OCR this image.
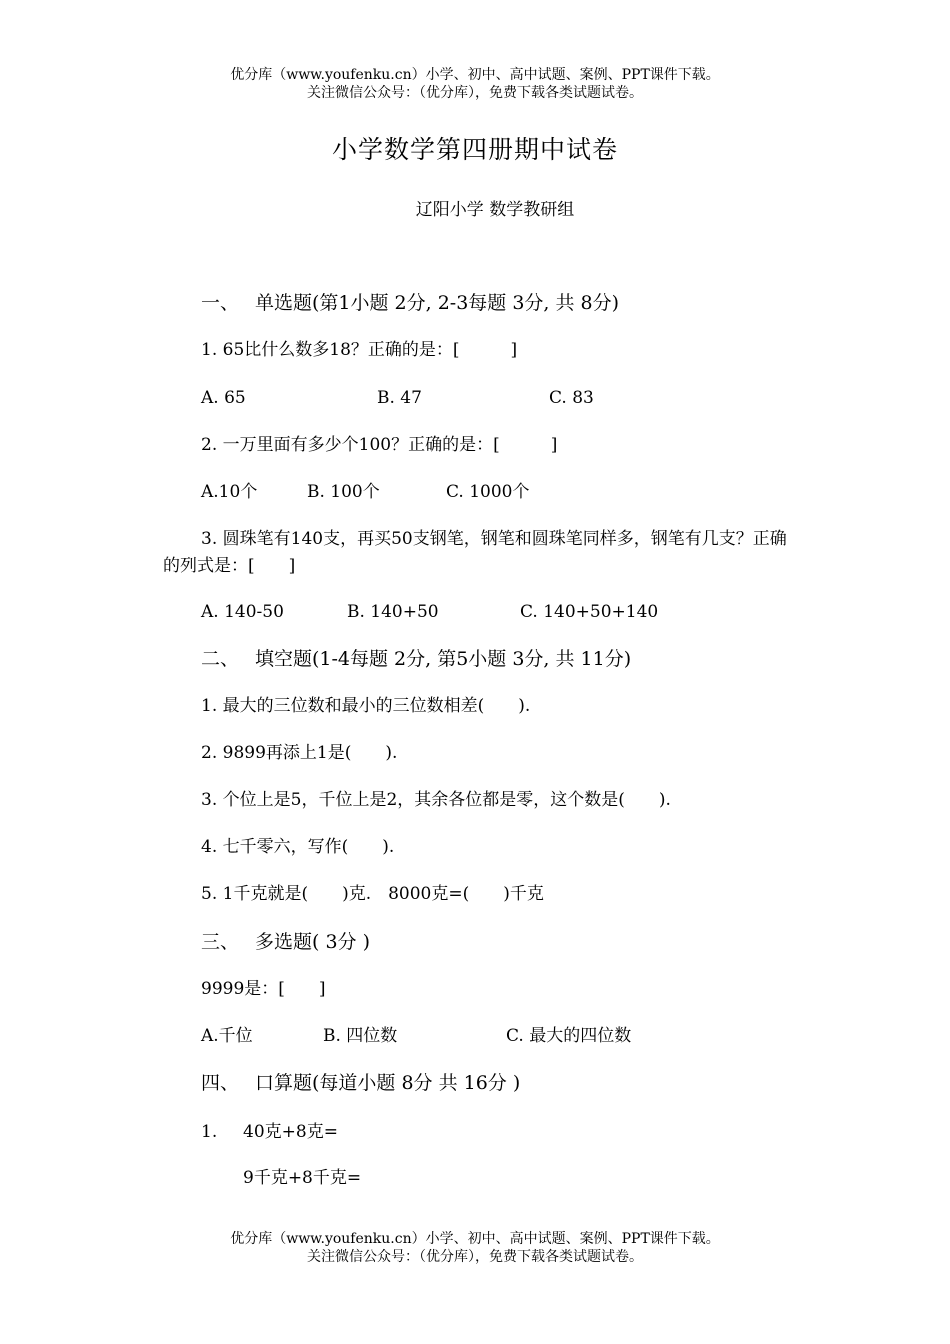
优分库（www.youfenku.cn）小学、初中、高中试题、案例、PPT课件下载。
关注微信公众号：（优分库），免费下载各类试题试卷。
小学数学第四册期中试卷
辽阳小学 数学教研组
一、 单选题(第1小题 2分, 2-3每题 3分, 共 8分)
1. 65比什么数多18？正确的是：[　　　]
A. 65	B. 47	C. 83
2. 一万里面有多少个100？正确的是：[　　　]
A.10个	B. 100个	C. 1000个
3. 圆珠笔有140支，再买50支钢笔，钢笔和圆珠笔同样多，钢笔有几支？正确的列式是：[　　]
A. 140-50	B. 140+50	C. 140+50+140
二、 填空题(1-4每题 2分, 第5小题 3分, 共 11分)
1. 最大的三位数和最小的三位数相差(　　).
2. 9899再添上1是(　　).
3. 个位上是5，千位上是2，其余各位都是零，这个数是(　　).
4. 七千零六，写作(　　).
5. 1千克就是(　　)克.　8000克=(　　)千克
三、 多选题( 3分 )
9999是：[　　]
A.千位	B. 四位数	C. 最大的四位数
四、 口算题(每道小题 8分 共 16分 )
1. 40克+8克=
9千克+8千克=
优分库（www.youfenku.cn）小学、初中、高中试题、案例、PPT课件下载。
关注微信公众号：（优分库），免费下载各类试题试卷。
